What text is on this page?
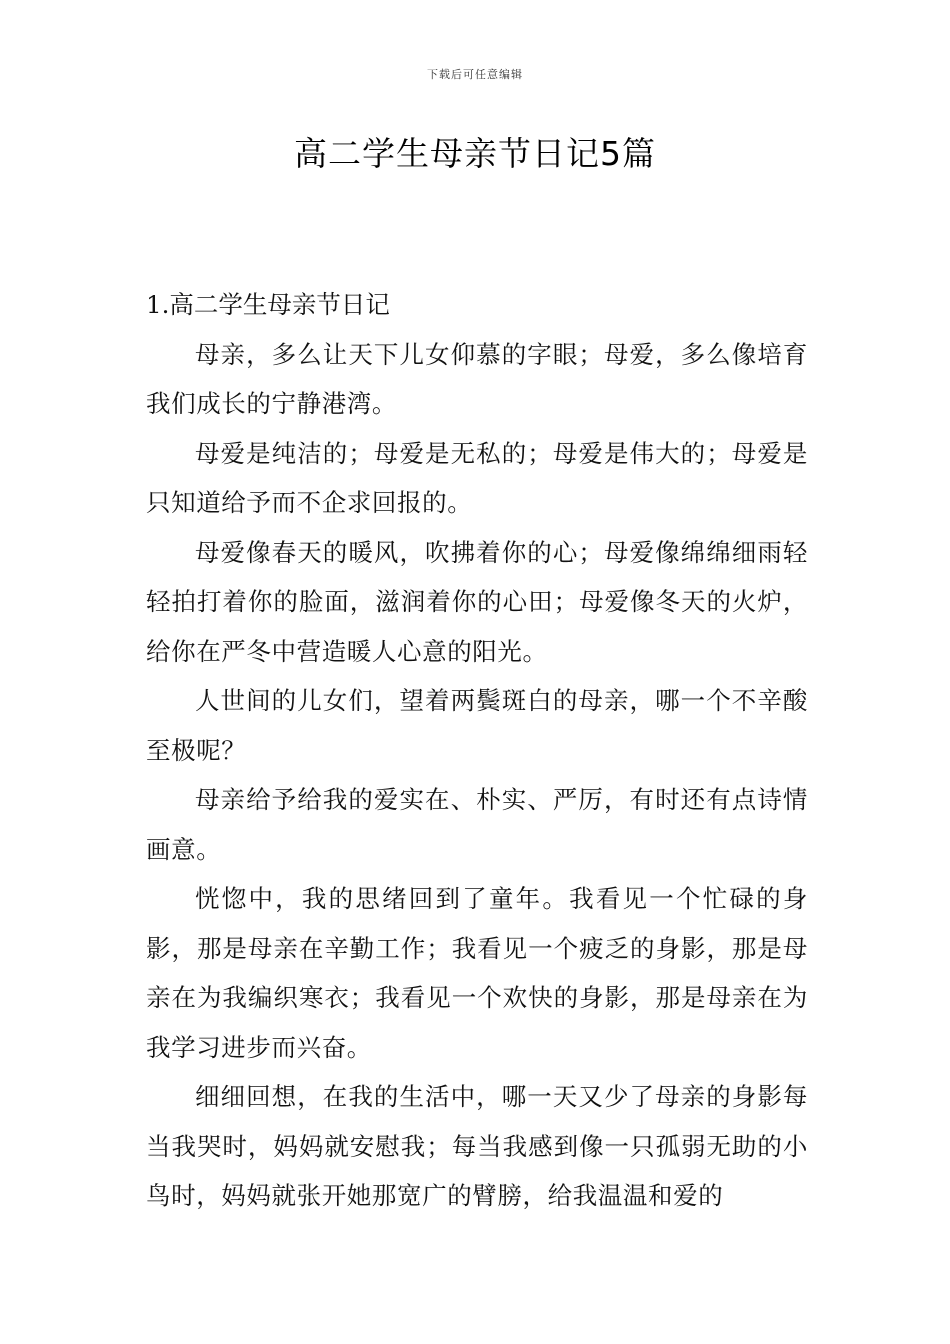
下载后可任意编辑
高二学生母亲节日记5篇
1.高二学生母亲节日记

母亲，多么让天下儿女仰慕的字眼；母爱，多么像培育我们成长的宁静港湾。

母爱是纯洁的；母爱是无私的；母爱是伟大的；母爱是只知道给予而不企求回报的。

母爱像春天的暖风，吹拂着你的心；母爱像绵绵细雨轻轻拍打着你的脸面，滋润着你的心田；母爱像冬天的火炉，给你在严冬中营造暖人心意的阳光。

人世间的儿女们，望着两鬓斑白的母亲，哪一个不辛酸至极呢？

母亲给予给我的爱实在、朴实、严厉，有时还有点诗情画意。

恍惚中，我的思绪回到了童年。我看见一个忙碌的身影，那是母亲在辛勤工作；我看见一个疲乏的身影，那是母亲在为我编织寒衣；我看见一个欢快的身影，那是母亲在为我学习进步而兴奋。

细细回想，在我的生活中，哪一天又少了母亲的身影每当我哭时，妈妈就安慰我；每当我感到像一只孤弱无助的小鸟时，妈妈就张开她那宽广的臂膀，给我温温和爱的
